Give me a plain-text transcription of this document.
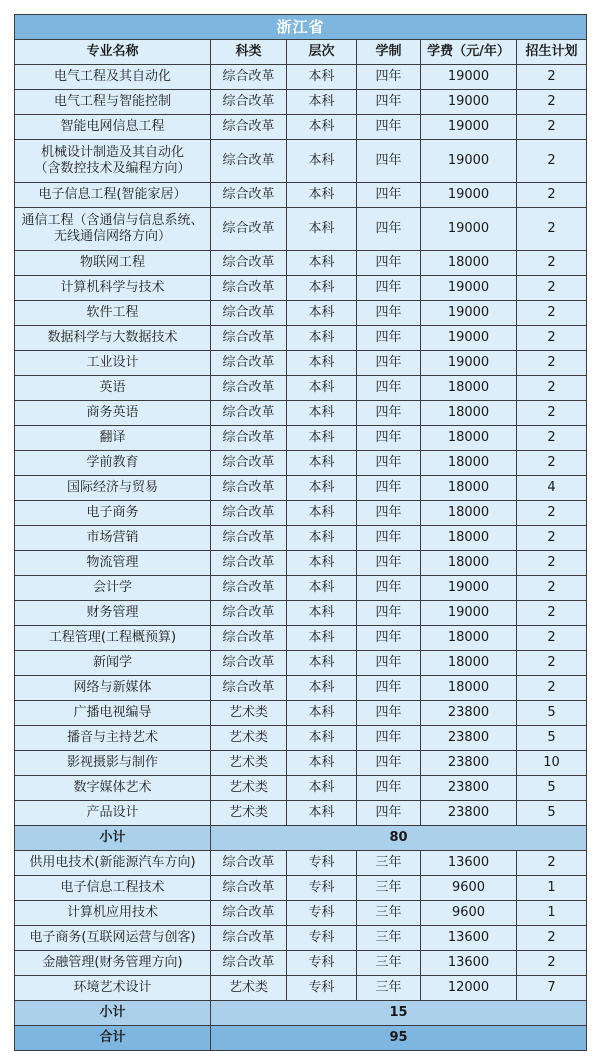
浙江省					
专业名称	科类	层次	学制	学费（元/年）	招生计划
电气工程及其自动化	综合改革	本科	四年	19000	2
电气工程与智能控制	综合改革	本科	四年	19000	2
智能电网信息工程	综合改革	本科	四年	19000	2
机械设计制造及其自动化
（含数控技术及编程方向）	综合改革	本科	四年	19000	2
电子信息工程(智能家居）	综合改革	本科	四年	19000	2
通信工程（含通信与信息系统、
无线通信网络方向）	综合改革	本科	四年	19000	2
物联网工程	综合改革	本科	四年	18000	2
计算机科学与技术	综合改革	本科	四年	19000	2
软件工程	综合改革	本科	四年	19000	2
数据科学与大数据技术	综合改革	本科	四年	19000	2
工业设计	综合改革	本科	四年	19000	2
英语	综合改革	本科	四年	18000	2
商务英语	综合改革	本科	四年	18000	2
翻译	综合改革	本科	四年	18000	2
学前教育	综合改革	本科	四年	18000	2
国际经济与贸易	综合改革	本科	四年	18000	4
电子商务	综合改革	本科	四年	18000	2
市场营销	综合改革	本科	四年	18000	2
物流管理	综合改革	本科	四年	18000	2
会计学	综合改革	本科	四年	19000	2
财务管理	综合改革	本科	四年	19000	2
工程管理(工程概预算)	综合改革	本科	四年	18000	2
新闻学	综合改革	本科	四年	18000	2
网络与新媒体	综合改革	本科	四年	18000	2
广播电视编导	艺术类	本科	四年	23800	5
播音与主持艺术	艺术类	本科	四年	23800	5
影视摄影与制作	艺术类	本科	四年	23800	10
数字媒体艺术	艺术类	本科	四年	23800	5
产品设计	艺术类	本科	四年	23800	5
小计	80				
供用电技术(新能源汽车方向)	综合改革	专科	三年	13600	2
电子信息工程技术	综合改革	专科	三年	9600	1
计算机应用技术	综合改革	专科	三年	9600	1
电子商务(互联网运营与创客)	综合改革	专科	三年	13600	2
金融管理(财务管理方向)	综合改革	专科	三年	13600	2
环境艺术设计	艺术类	专科	三年	12000	7
小计	15				
合计	95				
